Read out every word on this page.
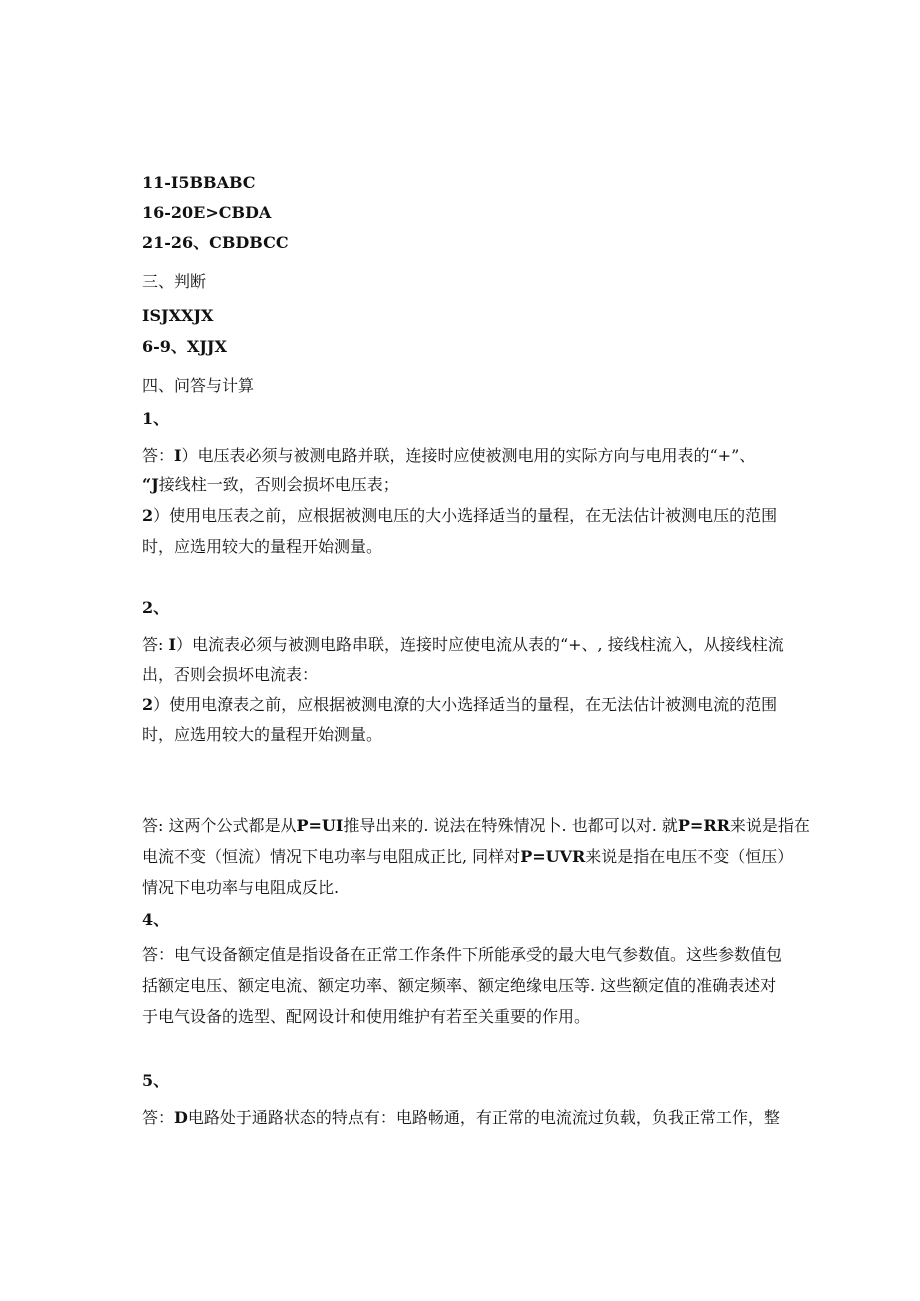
11-I5BBABC
16-20E>CBDA
21-26、CBDBCC
三、判断
ISJXXJX
6-9、XJJX
四、问答与计算
1、
答：I）电压表必须与被测电路并联，连接时应使被测电用的实际方向与电用表的“+”、
“J接线柱一致，否则会损坏电压表；
2）使用电压表之前，应根据被测电压的大小选择适当的量程，在无法估计被测电压的范围
时，应选用较大的量程开始测量。
2、
答: I）电流表必须与被测电路串联，连接时应使电流从表的“+、, 接线柱流入，从接线柱流
出，否则会损坏电流表：
2）使用电潦表之前，应根据被测电潦的大小选择适当的量程，在无法估计被测电流的范围
时，应选用较大的量程开始测量。
答: 这两个公式都是从P=UI推导出来的. 说法在特殊情况卜. 也都可以对. 就P=RR来说是指在
电流不变（恒流）情况下电功率与电阻成正比, 同样对P=UVR来说是指在电压不变（恒压）
情况下电功率与电阻成反比.
4、
答：电气设备额定值是指设备在正常工作条件下所能承受的最大电气参数值。这些参数值包
括额定电压、额定电流、额定功率、额定频率、额定绝缘电压等. 这些额定值的准确表述对
于电气设备的选型、配网设计和使用维护有若至关重要的作用。
5、
答：D电路处于通路状态的特点有：电路畅通，有正常的电流流过负载，负我正常工作，整
